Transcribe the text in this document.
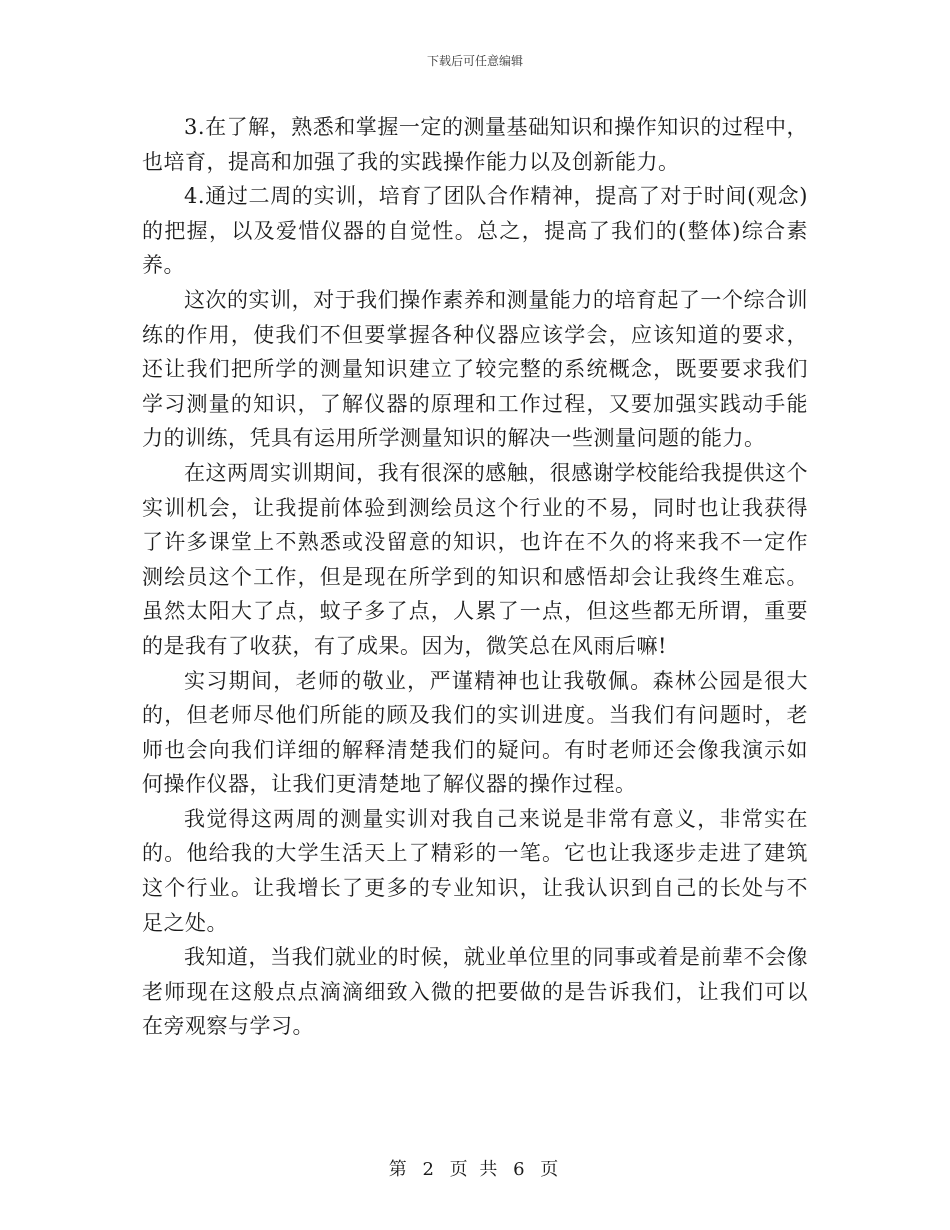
下载后可任意编辑

3.在了解，熟悉和掌握一定的测量基础知识和操作知识的过程中，也培育，提高和加强了我的实践操作能力以及创新能力。

4.通过二周的实训，培育了团队合作精神，提高了对于时间(观念)的把握，以及爱惜仪器的自觉性。总之，提高了我们的(整体)综合素养。

这次的实训，对于我们操作素养和测量能力的培育起了一个综合训练的作用，使我们不但要掌握各种仪器应该学会，应该知道的要求，还让我们把所学的测量知识建立了较完整的系统概念，既要要求我们学习测量的知识，了解仪器的原理和工作过程，又要加强实践动手能力的训练，凭具有运用所学测量知识的解决一些测量问题的能力。

在这两周实训期间，我有很深的感触，很感谢学校能给我提供这个实训机会，让我提前体验到测绘员这个行业的不易，同时也让我获得了许多课堂上不熟悉或没留意的知识，也许在不久的将来我不一定作测绘员这个工作，但是现在所学到的知识和感悟却会让我终生难忘。虽然太阳大了点，蚊子多了点，人累了一点，但这些都无所谓，重要的是我有了收获，有了成果。因为，微笑总在风雨后嘛!

实习期间，老师的敬业，严谨精神也让我敬佩。森林公园是很大的，但老师尽他们所能的顾及我们的实训进度。当我们有问题时，老师也会向我们详细的解释清楚我们的疑问。有时老师还会像我演示如何操作仪器，让我们更清楚地了解仪器的操作过程。

我觉得这两周的测量实训对我自己来说是非常有意义，非常实在的。他给我的大学生活天上了精彩的一笔。它也让我逐步走进了建筑这个行业。让我增长了更多的专业知识，让我认识到自己的长处与不足之处。

我知道，当我们就业的时候，就业单位里的同事或着是前辈不会像老师现在这般点点滴滴细致入微的把要做的是告诉我们，让我们可以在旁观察与学习。

第 2 页 共 6 页
